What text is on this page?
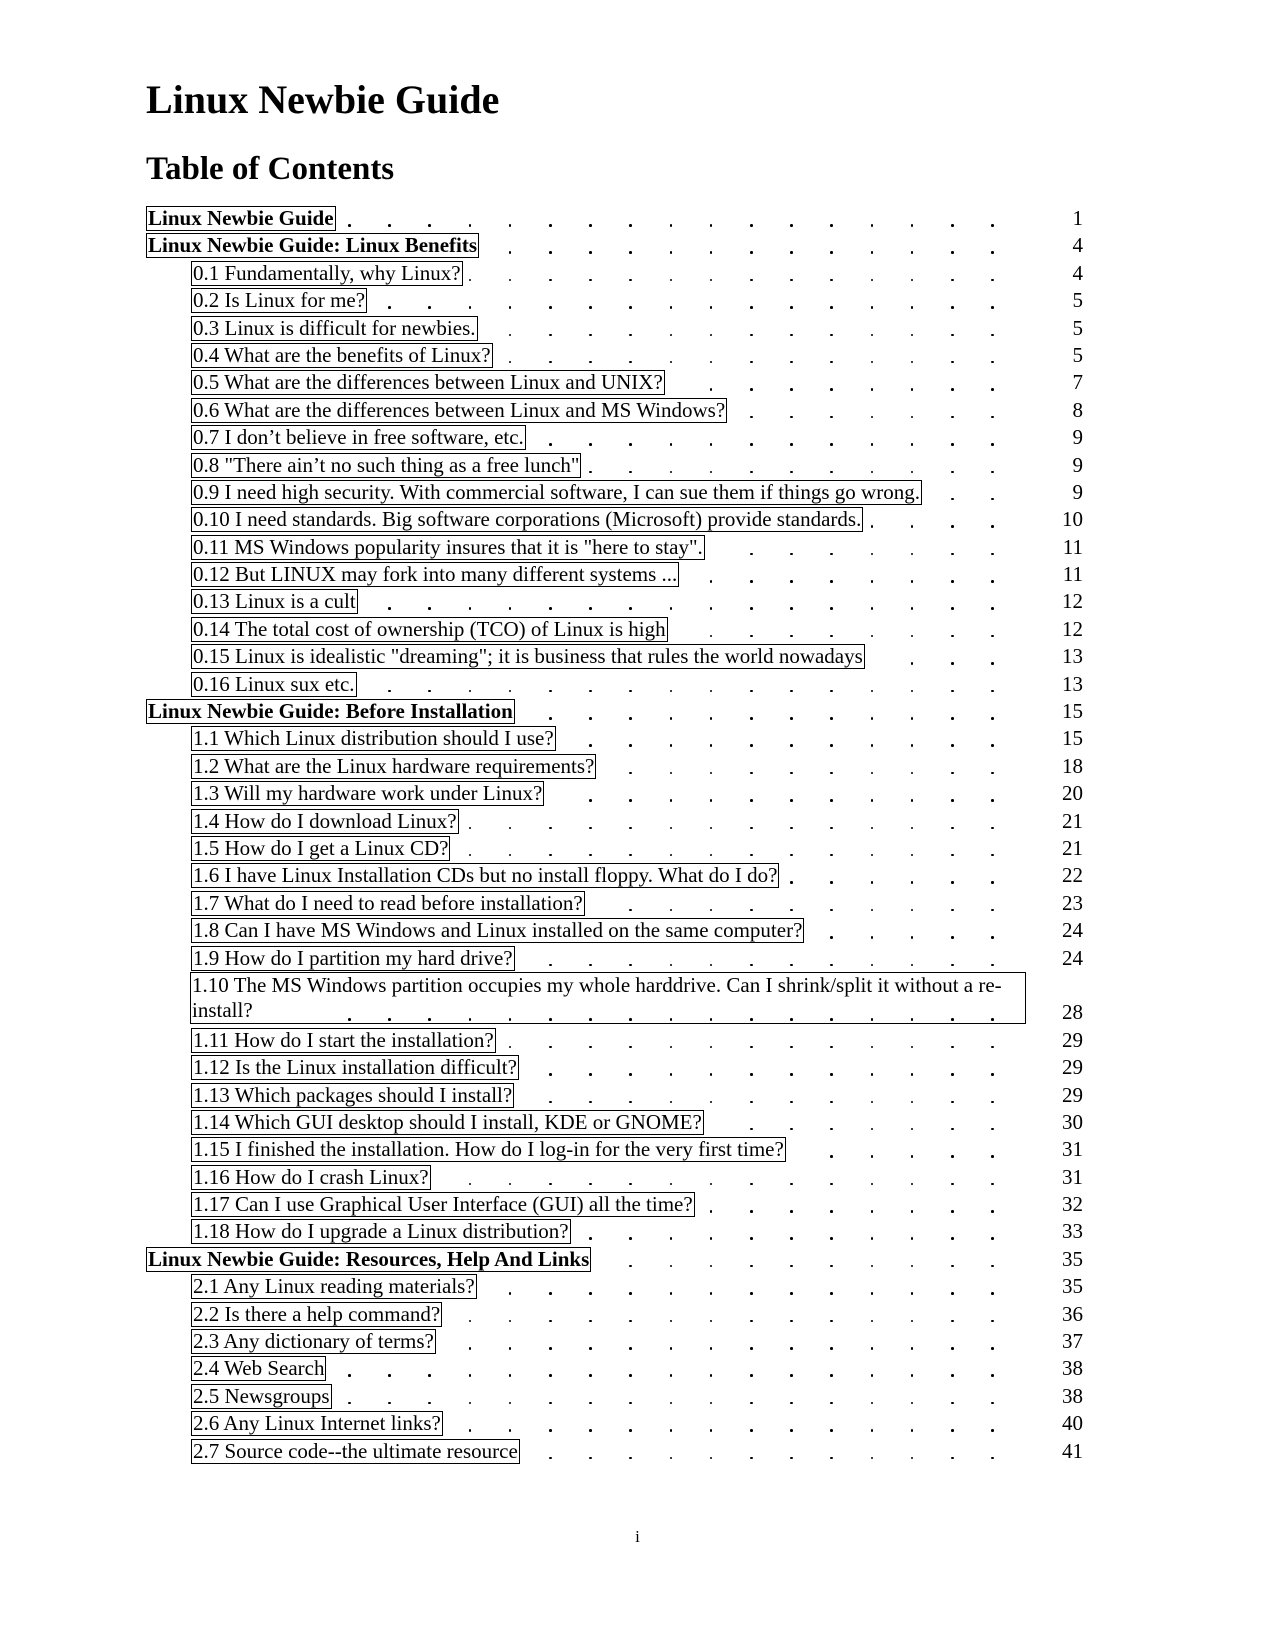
Linux Newbie Guide
Table of Contents
Linux Newbie Guide	1
Linux Newbie Guide: Linux Benefits	4
0.1 Fundamentally, why Linux?	4
0.2 Is Linux for me?	5
0.3 Linux is difficult for newbies.	5
0.4 What are the benefits of Linux?	5
0.5 What are the differences between Linux and UNIX?	7
0.6 What are the differences between Linux and MS Windows?	8
0.7 I don’t believe in free software, etc.	9
0.8 "There ain’t no such thing as a free lunch"	9
0.9 I need high security. With commercial software, I can sue them if things go wrong.	9
0.10 I need standards. Big software corporations (Microsoft) provide standards.	10
0.11 MS Windows popularity insures that it is "here to stay".	11
0.12 But LINUX may fork into many different systems ...	11
0.13 Linux is a cult	12
0.14 The total cost of ownership (TCO) of Linux is high	12
0.15 Linux is idealistic "dreaming"; it is business that rules the world nowadays	13
0.16 Linux sux etc.	13
Linux Newbie Guide: Before Installation	15
1.1 Which Linux distribution should I use?	15
1.2 What are the Linux hardware requirements?	18
1.3 Will my hardware work under Linux?	20
1.4 How do I download Linux?	21
1.5 How do I get a Linux CD?	21
1.6 I have Linux Installation CDs but no install floppy. What do I do?	22
1.7 What do I need to read before installation?	23
1.8 Can I have MS Windows and Linux installed on the same computer?	24
1.9 How do I partition my hard drive?	24
1.10 The MS Windows partition occupies my whole harddrive. Can I shrink/split it without a re-install?	28
1.11 How do I start the installation?	29
1.12 Is the Linux installation difficult?	29
1.13 Which packages should I install?	29
1.14 Which GUI desktop should I install, KDE or GNOME?	30
1.15 I finished the installation. How do I log-in for the very first time?	31
1.16 How do I crash Linux?	31
1.17 Can I use Graphical User Interface (GUI) all the time?	32
1.18 How do I upgrade a Linux distribution?	33
Linux Newbie Guide: Resources, Help And Links	35
2.1 Any Linux reading materials?	35
2.2 Is there a help command?	36
2.3 Any dictionary of terms?	37
2.4 Web Search	38
2.5 Newsgroups	38
2.6 Any Linux Internet links?	40
2.7 Source code--the ultimate resource	41
i
